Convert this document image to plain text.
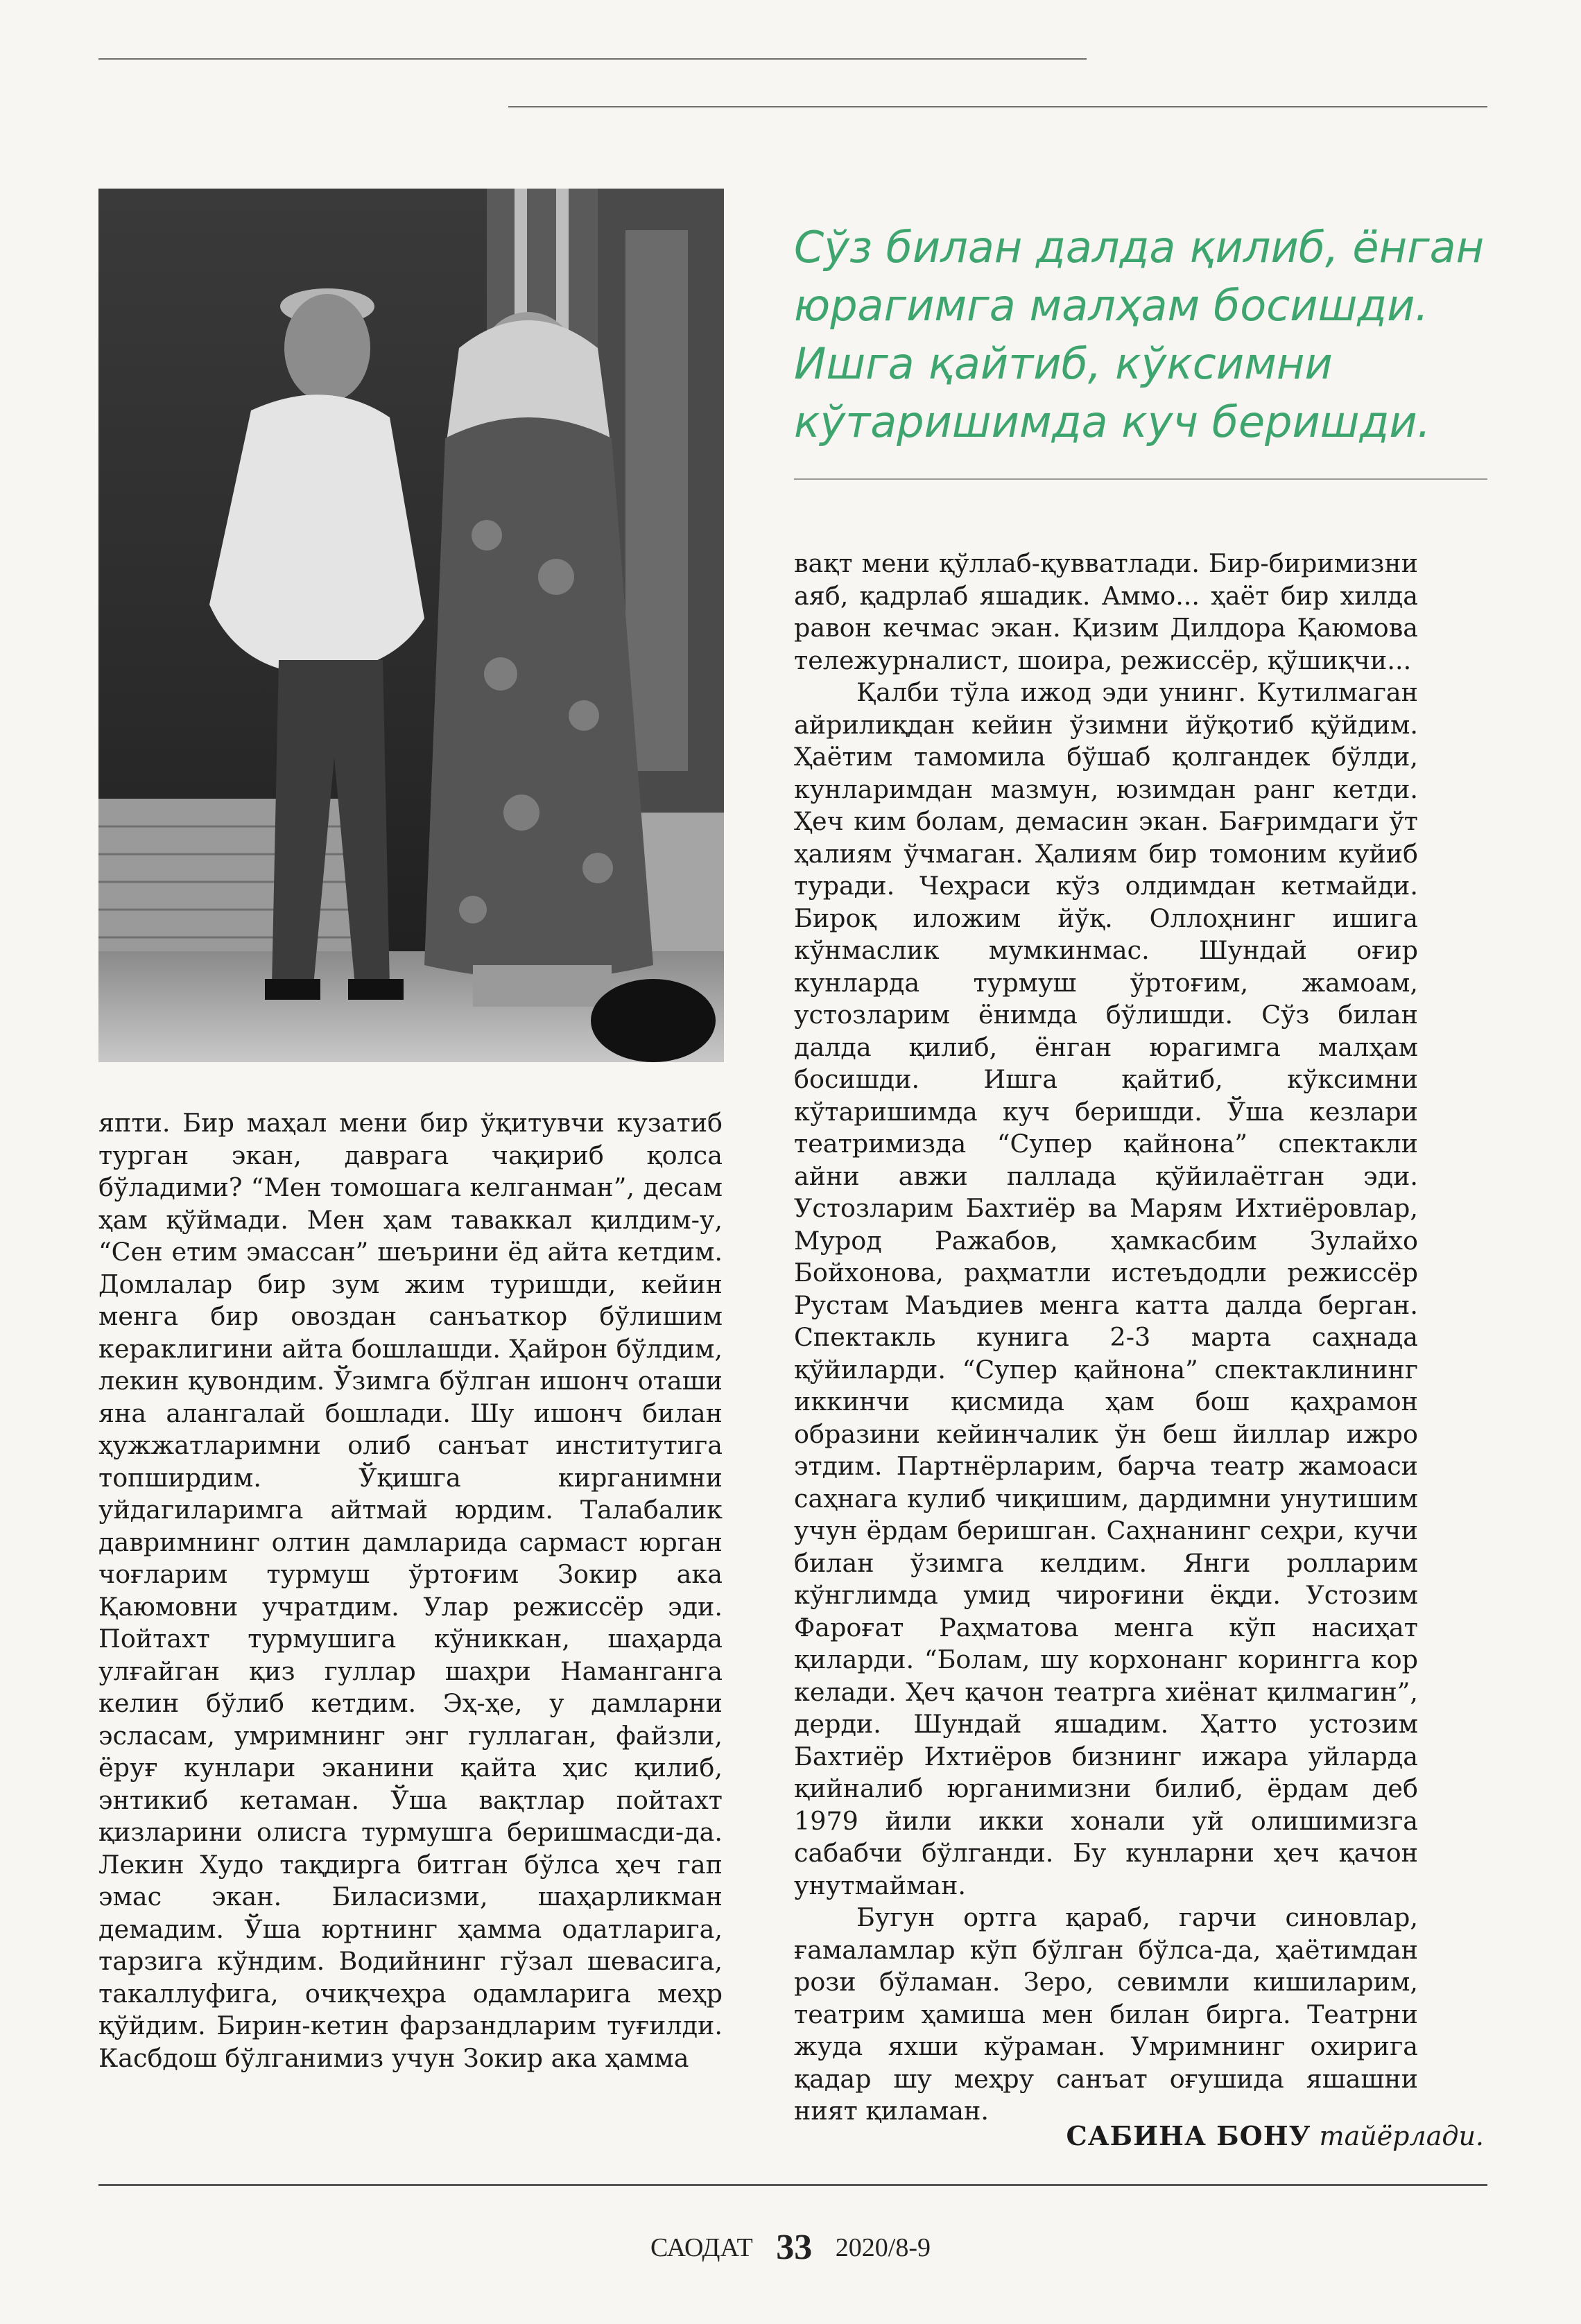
Сўз билан далда қилиб, ёнган юрагимга малҳам босишди. Ишга қайтиб, кўксимни кўтаришимда куч беришди.

япти. Бир маҳал мени бир ўқитувчи кузатиб турган экан, даврага чақириб қолса бўладими? “Мен томошага келганман”, десам ҳам қўймади. Мен ҳам таваккал қилдим-у, “Сен етим эмассан” шеърини ёд айта кетдим. Домлалар бир зум жим туришди, кейин менга бир овоздан санъаткор бўлишим кераклигини айта бошлашди. Ҳайрон бўлдим, лекин қувондим. Ўзимга бўлган ишонч оташи яна алангалай бошлади. Шу ишонч билан ҳужжатларимни олиб санъат институтига топширдим. Ўқишга кирганимни уйдагиларимга айтмай юрдим. Талабалик давримнинг олтин дамларида сармаст юрган чоғларим турмуш ўртоғим Зокир ака Қаюмовни учратдим. Улар режиссёр эди. Пойтахт турмушига кўниккан, шаҳарда улғайган қиз гуллар шаҳри Наманганга келин бўлиб кетдим. Эҳ-ҳе, у дамларни эсласам, умримнинг энг гуллаган, файзли, ёруғ кунлари эканини қайта ҳис қилиб, энтикиб кетаман. Ўша вақтлар пойтахт қизларини олисга турмушга беришмасди-да. Лекин Худо тақдирга битган бўлса ҳеч гап эмас экан. Биласизми, шаҳарликман демадим. Ўша юртнинг ҳамма одатларига, тарзига кўндим. Водийнинг гўзал шевасига, такаллуфига, очиқчеҳра одамларига меҳр қўйдим. Бирин-кетин фарзандларим туғилди. Касбдош бўлганимиз учун Зокир ака ҳамма

вақт мени қўллаб-қувватлади. Бир-биримизни аяб, қадрлаб яшадик. Аммо... ҳаёт бир хилда равон кечмас экан. Қизим Дилдора Қаюмова тележурналист, шоира, режиссёр, қўшиқчи...

Қалби тўла ижод эди унинг. Кутилмаган айрилиқдан кейин ўзимни йўқотиб қўйдим. Ҳаётим тамомила бўшаб қолгандек бўлди, кунларимдан мазмун, юзимдан ранг кетди. Ҳеч ким болам, демасин экан. Бағримдаги ўт ҳалиям ўчмаган. Ҳалиям бир томоним куйиб туради. Чеҳраси кўз олдимдан кетмайди. Бироқ иложим йўқ. Оллоҳнинг ишига кўнмаслик мумкинмас. Шундай оғир кунларда турмуш ўртоғим, жамоам, устозларим ёнимда бўлишди. Сўз билан далда қилиб, ёнган юрагимга малҳам босишди. Ишга қайтиб, кўксимни кўтаришимда куч беришди. Ўша кезлари театримизда “Супер қайнона” спектакли айни авжи паллада қўйилаётган эди. Устозларим Бахтиёр ва Марям Ихтиёровлар, Мурод Ражабов, ҳамкасбим Зулайхо Бойхонова, раҳматли истеъдодли режиссёр Рустам Маъдиев менга катта далда берган. Спектакль кунига 2-3 марта саҳнада қўйиларди. “Супер қайнона” спектаклининг иккинчи қисмида ҳам бош қаҳрамон образини кейинчалик ўн беш йиллар ижро этдим. Партнёрларим, барча театр жамоаси саҳнага кулиб чиқишим, дардимни унутишим учун ёрдам беришган. Саҳнанинг сеҳри, кучи билан ўзимга келдим. Янги ролларим кўнглимда умид чироғини ёқди. Устозим Фароғат Раҳматова менга кўп насиҳат қиларди. “Болам, шу корхонанг корингга кор келади. Ҳеч қачон театрга хиёнат қилмагин”, дерди. Шундай яшадим. Ҳатто устозим Бахтиёр Ихтиёров бизнинг ижара уйларда қийналиб юрганимизни билиб, ёрдам деб 1979 йили икки хонали уй олишимизга сабабчи бўлганди. Бу кунларни ҳеч қачон унутмайман.

Бугун ортга қараб, гарчи синовлар, ғамаламлар кўп бўлган бўлса-да, ҳаётимдан рози бўламан. Зеро, севимли кишиларим, театрим ҳамиша мен билан бирга. Театрни жуда яхши кўраман. Умримнинг охирига қадар шу меҳру санъат оғушида яшашни ният қиламан.

САБИНА БОНУ тайёрлади.
САОДАТ 33 2020/8-9
